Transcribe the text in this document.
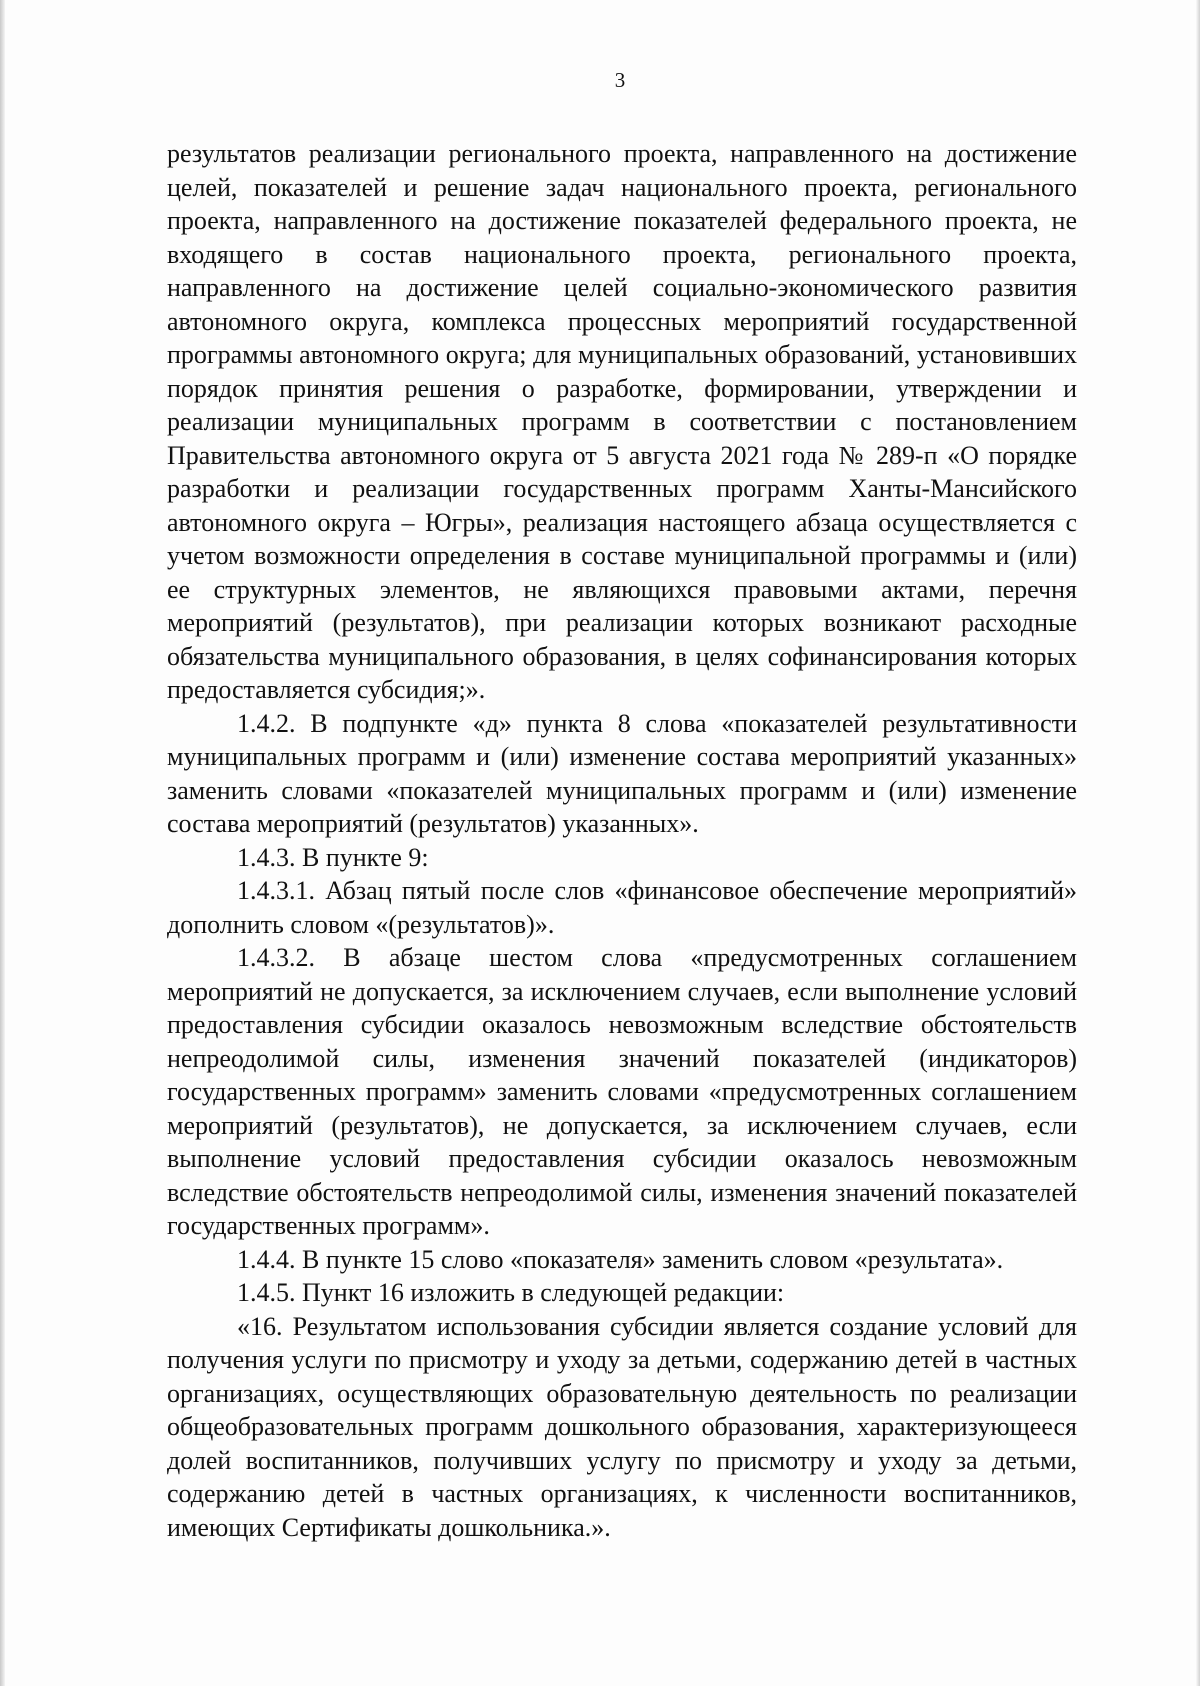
3

результатов реализации регионального проекта, направленного на достижение целей, показателей и решение задач национального проекта, регионального проекта, направленного на достижение показателей федерального проекта, не входящего в состав национального проекта, регионального проекта, направленного на достижение целей социально-экономического развития автономного округа, комплекса процессных мероприятий государственной программы автономного округа; для муниципальных образований, установивших порядок принятия решения о разработке, формировании, утверждении и реализации муниципальных программ в соответствии с постановлением Правительства автономного округа от 5 августа 2021 года № 289-п «О порядке разработки и реализации государственных программ Ханты-Мансийского автономного округа – Югры», реализация настоящего абзаца осуществляется с учетом возможности определения в составе муниципальной программы и (или) ее структурных элементов, не являющихся правовыми актами, перечня мероприятий (результатов), при реализации которых возникают расходные обязательства муниципального образования, в целях софинансирования которых предоставляется субсидия;».

1.4.2. В подпункте «д» пункта 8 слова «показателей результативности муниципальных программ и (или) изменение состава мероприятий указанных» заменить словами «показателей муниципальных программ и (или) изменение состава мероприятий (результатов) указанных».

1.4.3. В пункте 9:

1.4.3.1. Абзац пятый после слов «финансовое обеспечение мероприятий» дополнить словом «(результатов)».

1.4.3.2. В абзаце шестом слова «предусмотренных соглашением мероприятий не допускается, за исключением случаев, если выполнение условий предоставления субсидии оказалось невозможным вследствие обстоятельств непреодолимой силы, изменения значений показателей (индикаторов) государственных программ» заменить словами «предусмотренных соглашением мероприятий (результатов), не допускается, за исключением случаев, если выполнение условий предоставления субсидии оказалось невозможным вследствие обстоятельств непреодолимой силы, изменения значений показателей государственных программ».

1.4.4. В пункте 15 слово «показателя» заменить словом «результата».

1.4.5. Пункт 16 изложить в следующей редакции:

«16. Результатом использования субсидии является создание условий для получения услуги по присмотру и уходу за детьми, содержанию детей в частных организациях, осуществляющих образовательную деятельность по реализации общеобразовательных программ дошкольного образования, характеризующееся долей воспитанников, получивших услугу по присмотру и уходу за детьми, содержанию детей в частных организациях, к численности воспитанников, имеющих Сертификаты дошкольника.».
